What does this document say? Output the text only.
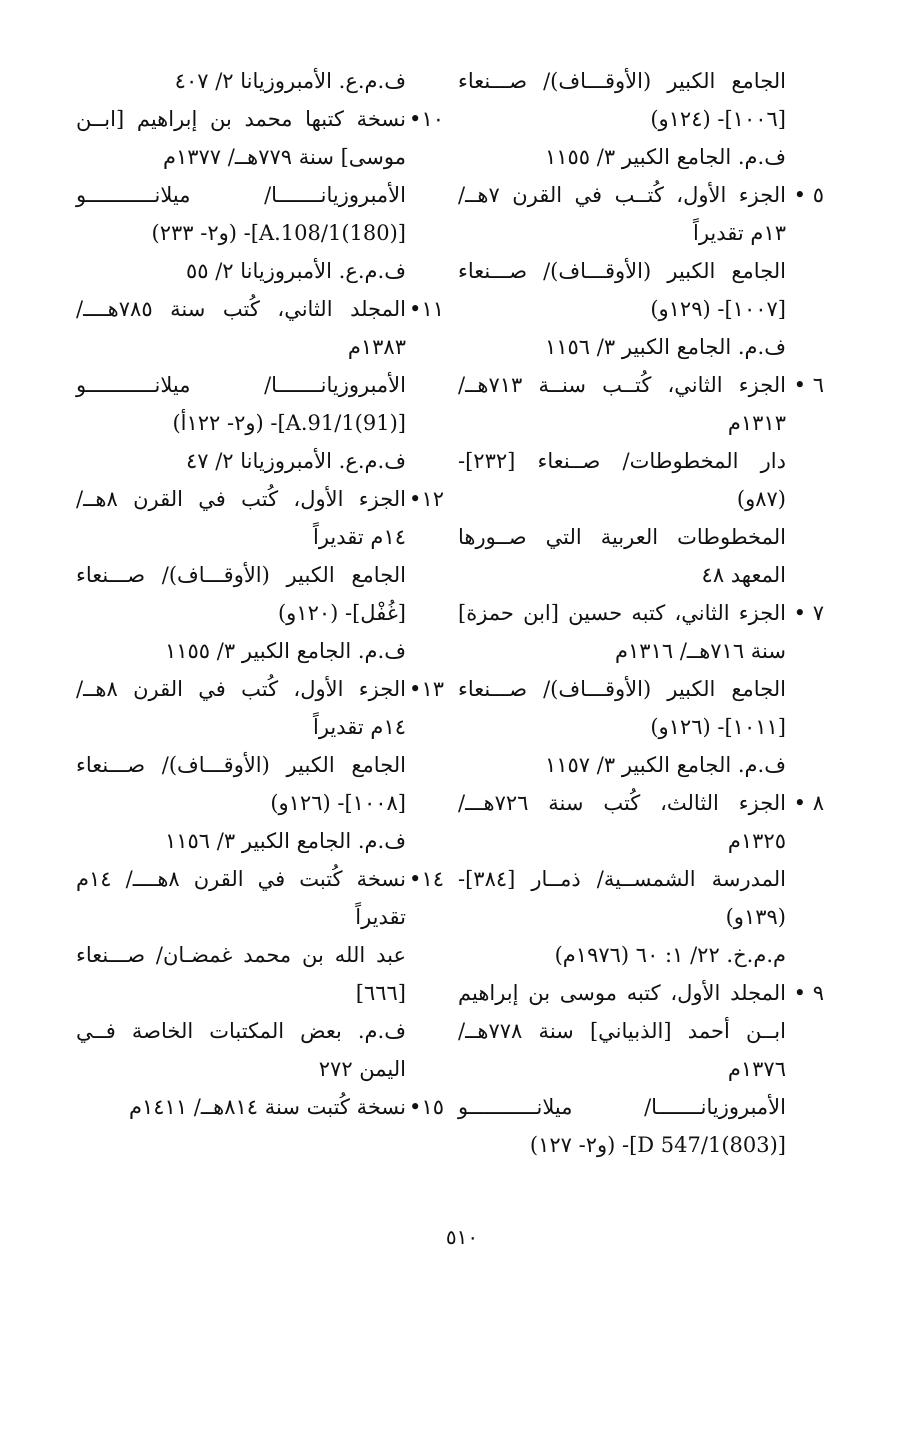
الجامع الكبير (الأوقـــاف)/ صـــنعاء
[١٠٠٦]- (١٢٤و)
ف.م. الجامع الكبير ٣/ ١١٥٥
٥ •
الجزء الأول، كُتــب في القرن ٧هــ/
١٣م تقديراً
الجامع الكبير (الأوقـــاف)/ صـــنعاء
[١٠٠٧]- (١٢٩و)
ف.م. الجامع الكبير ٣/ ١١٥٦
٦ •
الجزء الثاني، كُتــب سنــة ٧١٣هــ/
١٣١٣م
دار المخطوطات/ صــنعاء [٢٣٢]-
(٨٧و)
المخطوطات العربية التي صــورها
المعهد ٤٨
٧ •
الجزء الثاني، كتبه حسين [ابن حمزة]
سنة ٧١٦هــ/ ١٣١٦م
الجامع الكبير (الأوقـــاف)/ صـــنعاء
[١٠١١]- (١٢٦و)
ف.م. الجامع الكبير ٣/ ١١٥٧
٨ •
الجزء الثالث، كُتب سنة ٧٢٦هـــ/
١٣٢٥م
المدرسة الشمســية/ ذمــار [٣٨٤]-
(١٣٩و)
م.م.خ. ٢٢/ ١: ٦٠ (١٩٧٦م)
٩ •
المجلد الأول، كتبه موسى بن إبراهيم
ابــن أحمد [الذبياني] سنة ٧٧٨هــ/
١٣٧٦م
الأمبروزيانـــــــا/ ميلانـــــــــــو
[D 547/1(803)]- (و٢- ١٢٧)
ف.م.ع. الأمبروزيانا ٢/ ٤٠٧
١٠•
نسخة كتبها محمد بن إبراهيم [ابــن
موسى] سنة ٧٧٩هــ/ ١٣٧٧م
الأمبروزيانـــــــا/ ميلانـــــــــــو
[A.108/1(180)]- (و٢- ٢٣٣)
ف.م.ع. الأمبروزيانا ٢/ ٥٥
١١•
المجلد الثاني، كُتب سنة ٧٨٥هــــ/
١٣٨٣م
الأمبروزيانـــــــا/ ميلانـــــــــــو
[A.91/1(91)]- (و٢- ١٢٢أ)
ف.م.ع. الأمبروزيانا ٢/ ٤٧
١٢•
الجزء الأول، كُتب في القرن ٨هــ/
١٤م تقديراً
الجامع الكبير (الأوقـــاف)/ صـــنعاء
[غُفْل]- (١٢٠و)
ف.م. الجامع الكبير ٣/ ١١٥٥
١٣•
الجزء الأول، كُتب في القرن ٨هــ/
١٤م تقديراً
الجامع الكبير (الأوقـــاف)/ صـــنعاء
[١٠٠٨]- (١٢٦و)
ف.م. الجامع الكبير ٣/ ١١٥٦
١٤•
نسخة كُتبت في القرن ٨هــــ/ ١٤م
تقديراً
عبد الله بن محمد غمضـان/ صـــنعاء
[٦٦٦]
ف.م. بعض المكتبات الخاصة فــي
اليمن ٢٧٢
١٥•
نسخة كُتبت سنة ٨١٤هــ/ ١٤١١م
٥١٠
